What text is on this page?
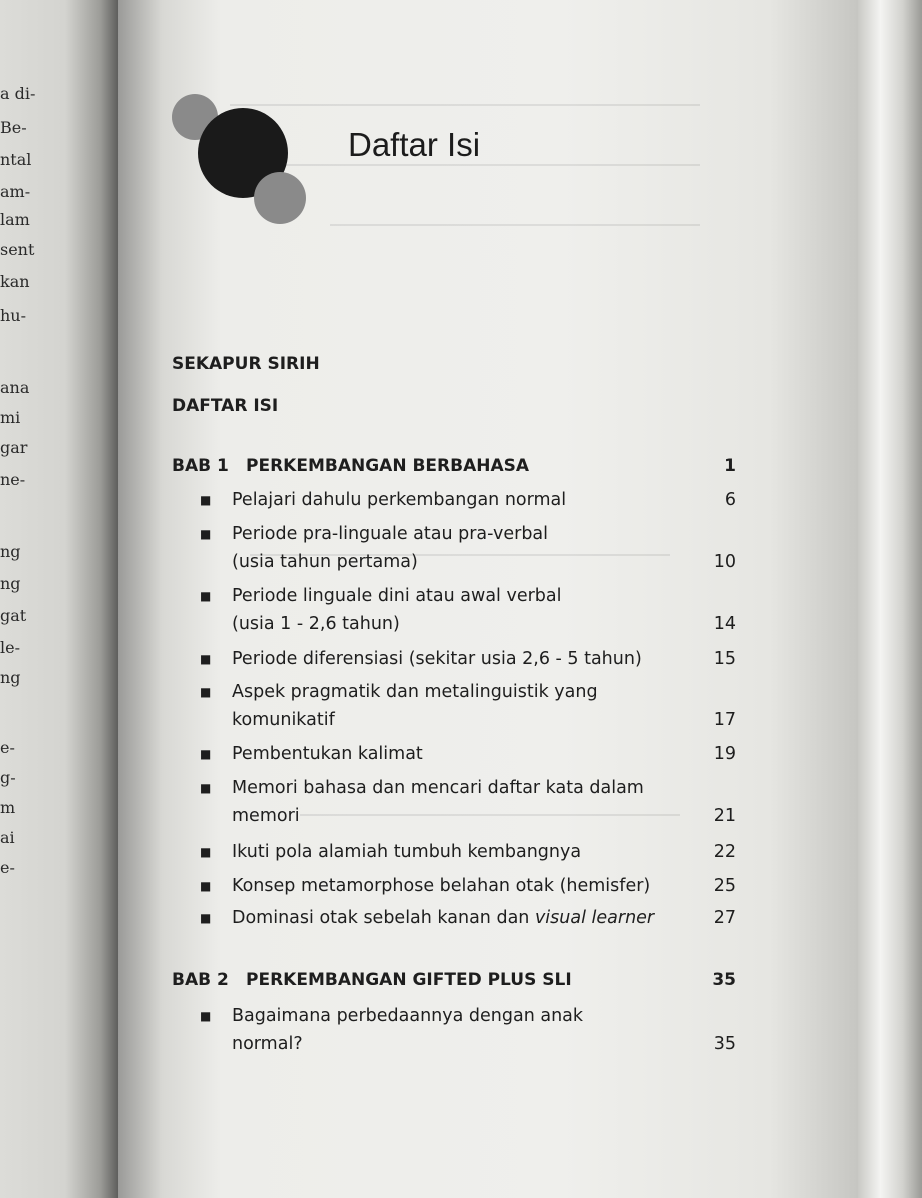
a di-
Be-
ntal
am-
lam
sent
kan
hu-
ana
mi
gar
ne-
ng
ng
gat
le-
ng
e-
g-
m
ai
e-
Daftar Isi
SEKAPUR SIRIH
DAFTAR ISI
BAB 1 PERKEMBANGAN BERBAHASA	1
■ Pelajari dahulu perkembangan normal	6
■ Periode pra-linguale atau pra-verbal
(usia tahun pertama)	10
■ Periode linguale dini atau awal verbal
(usia 1 - 2,6 tahun)	14
■ Periode diferensiasi (sekitar usia 2,6 - 5 tahun)	15
■ Aspek pragmatik dan metalinguistik yang
komunikatif	17
■ Pembentukan kalimat	19
■ Memori bahasa dan mencari daftar kata dalam
memori	21
■ Ikuti pola alamiah tumbuh kembangnya	22
■ Konsep metamorphose belahan otak (hemisfer)	25
■ Dominasi otak sebelah kanan dan visual learner	27
BAB 2 PERKEMBANGAN GIFTED PLUS SLI	35
■ Bagaimana perbedaannya dengan anak
normal?	35
